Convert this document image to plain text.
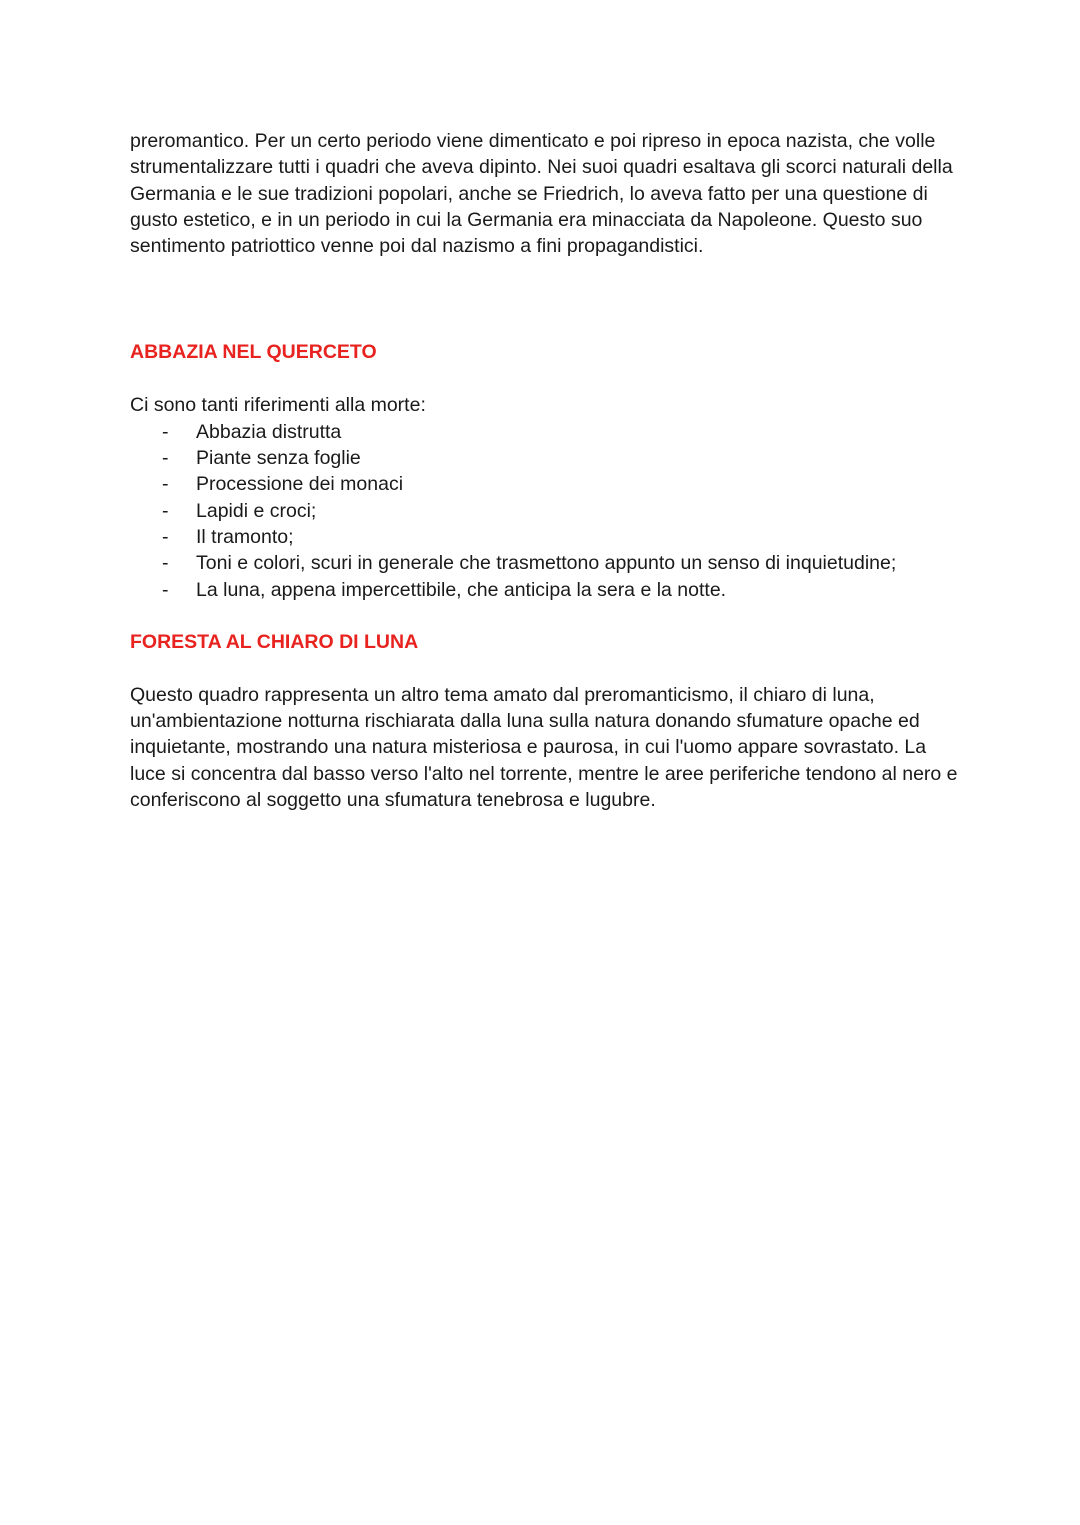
preromantico. Per un certo periodo viene dimenticato e poi ripreso in epoca nazista, che volle strumentalizzare tutti i quadri che aveva dipinto. Nei suoi quadri esaltava gli scorci naturali della Germania e le sue tradizioni popolari, anche se Friedrich, lo aveva fatto per una questione di gusto estetico, e in un periodo in cui la Germania era minacciata da Napoleone. Questo suo sentimento patriottico venne poi dal nazismo a fini propagandistici.

ABBAZIA NEL QUERCETO

Ci sono tanti riferimenti alla morte:

- Abbazia distrutta
- Piante senza foglie
- Processione dei monaci
- Lapidi e croci;
- Il tramonto;
- Toni e colori, scuri in generale che trasmettono appunto un senso di inquietudine;
- La luna, appena impercettibile, che anticipa la sera e la notte.
FORESTA AL CHIARO DI LUNA

Questo quadro rappresenta un altro tema amato dal preromanticismo, il chiaro di luna, un'ambientazione notturna rischiarata dalla luna sulla natura donando sfumature opache ed inquietante, mostrando una natura misteriosa e paurosa, in cui l'uomo appare sovrastato. La luce si concentra dal basso verso l'alto nel torrente, mentre le aree periferiche tendono al nero e conferiscono al soggetto una sfumatura tenebrosa e lugubre.
